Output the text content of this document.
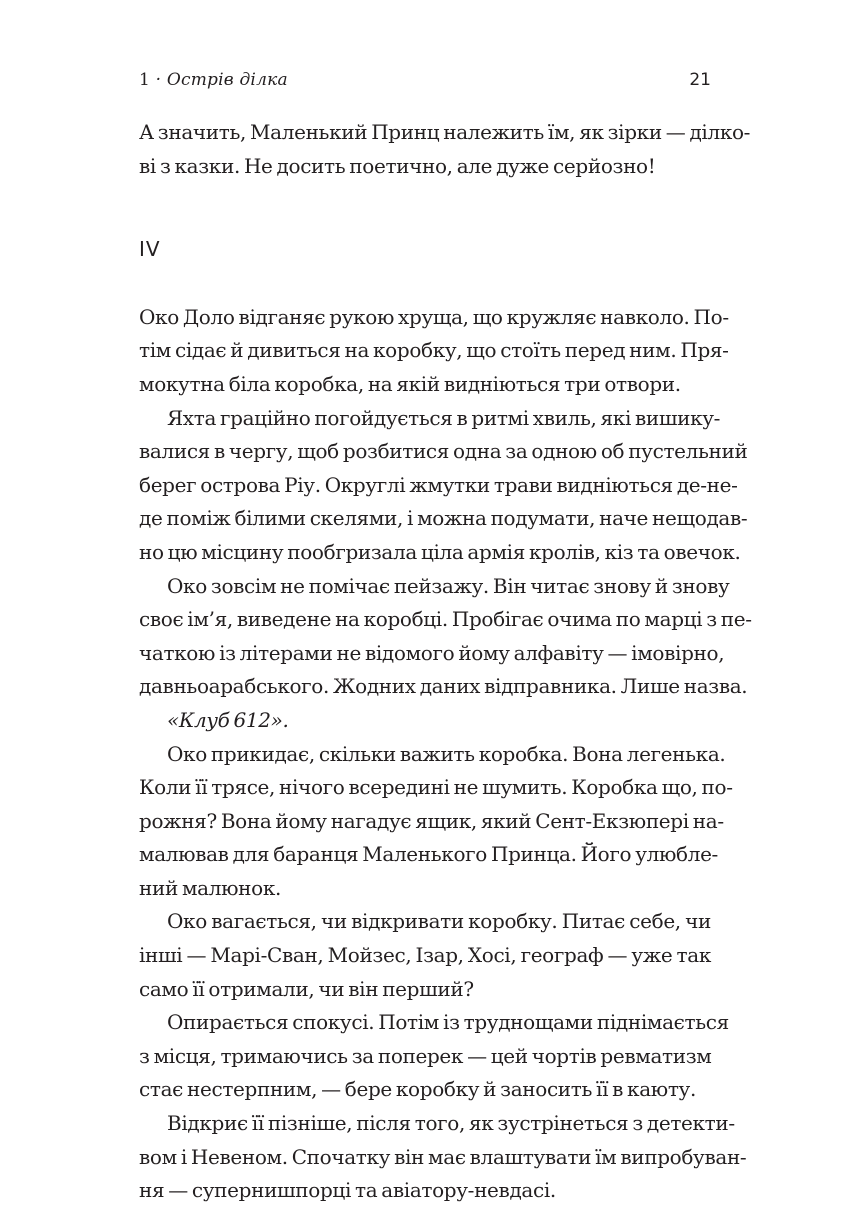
1 · Острів ділка	21
А значить, Маленький Принц належить їм, як зірки — ділко-
ві з казки. Не досить поетично, але дуже серйозно!
IV
Око Доло відганяє рукою хруща, що кружляє навколо. По-
тім сідає й дивиться на коробку, що стоїть перед ним. Пря-
мокутна біла коробка, на якій видніються три отвори.
Яхта граційно погойдується в ритмі хвиль, які вишику-
валися в чергу, щоб розбитися одна за одною об пустельний
берег острова Ріу. Округлі жмутки трави видніються де-не-
де поміж білими скелями, і можна подумати, наче нещодав-
но цю місцину пообгризала ціла армія кролів, кіз та овечок.
Око зовсім не помічає пейзажу. Він читає знову й знову
своє ім’я, виведене на коробці. Пробігає очима по марці з пе-
чаткою із літерами не відомого йому алфавіту — імовірно,
давньоарабського. Жодних даних відправника. Лише назва.
«Клуб 612».
Око прикидає, скільки важить коробка. Вона легенька.
Коли її трясе, нічого всередині не шумить. Коробка що, по-
рожня? Вона йому нагадує ящик, який Сент-Екзюпері на-
малював для баранця Маленького Принца. Його улюбле-
ний малюнок.
Око вагається, чи відкривати коробку. Питає себе, чи
інші — Марі-Сван, Мойзес, Ізар, Хосі, географ — уже так
само її отримали, чи він перший?
Опирається спокусі. Потім із труднощами піднімається
з місця, тримаючись за поперек — цей чортів ревматизм
стає нестерпним, — бере коробку й заносить її в каюту.
Відкриє її пізніше, після того, як зустрінеться з детекти-
вом і Невеном. Спочатку він має влаштувати їм випробуван-
ня — супернишпорці та авіатору-невдасі.
